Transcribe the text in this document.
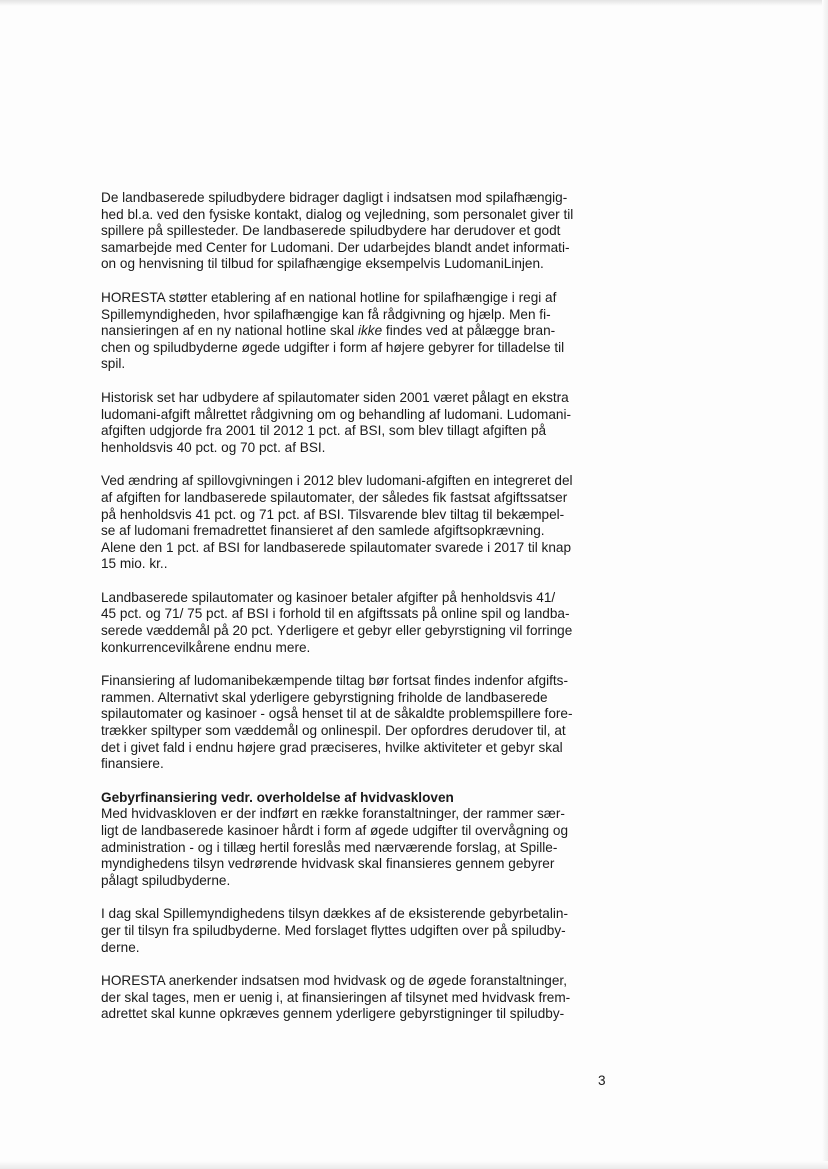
De landbaserede spiludbydere bidrager dagligt i indsatsen mod spilafhængig-
hed bl.a. ved den fysiske kontakt, dialog og vejledning, som personalet giver til
spillere på spillesteder. De landbaserede spiludbydere har derudover et godt
samarbejde med Center for Ludomani. Der udarbejdes blandt andet informati-
on og henvisning til tilbud for spilafhængige eksempelvis LudomaniLinjen.

HORESTA støtter etablering af en national hotline for spilafhængige i regi af
Spillemyndigheden, hvor spilafhængige kan få rådgivning og hjælp. Men fi-
nansieringen af en ny national hotline skal ikke findes ved at pålægge bran-
chen og spiludbyderne øgede udgifter i form af højere gebyrer for tilladelse til
spil.

Historisk set har udbydere af spilautomater siden 2001 været pålagt en ekstra
ludomani-afgift målrettet rådgivning om og behandling af ludomani. Ludomani-
afgiften udgjorde fra 2001 til 2012 1 pct. af BSI, som blev tillagt afgiften på
henholdsvis 40 pct. og 70 pct. af BSI.

Ved ændring af spillovgivningen i 2012 blev ludomani-afgiften en integreret del
af afgiften for landbaserede spilautomater, der således fik fastsat afgiftssatser
på henholdsvis 41 pct. og 71 pct. af BSI. Tilsvarende blev tiltag til bekæmpel-
se af ludomani fremadrettet finansieret af den samlede afgiftsopkrævning.
Alene den 1 pct. af BSI for landbaserede spilautomater svarede i 2017 til knap
15 mio. kr..

Landbaserede spilautomater og kasinoer betaler afgifter på henholdsvis 41/
45 pct. og 71/ 75 pct. af BSI i forhold til en afgiftssats på online spil og landba-
serede væddemål på 20 pct. Yderligere et gebyr eller gebyrstigning vil forringe
konkurrencevilkårene endnu mere.

Finansiering af ludomanibekæmpende tiltag bør fortsat findes indenfor afgifts-
rammen. Alternativt skal yderligere gebyrstigning friholde de landbaserede
spilautomater og kasinoer - også henset til at de såkaldte problemspillere fore-
trækker spiltyper som væddemål og onlinespil. Der opfordres derudover til, at
det i givet fald i endnu højere grad præciseres, hvilke aktiviteter et gebyr skal
finansiere.

Gebyrfinansiering vedr. overholdelse af hvidvaskloven

Med hvidvaskloven er der indført en række foranstaltninger, der rammer sær-
ligt de landbaserede kasinoer hårdt i form af øgede udgifter til overvågning og
administration - og i tillæg hertil foreslås med nærværende forslag, at Spille-
myndighedens tilsyn vedrørende hvidvask skal finansieres gennem gebyrer
pålagt spiludbyderne.

I dag skal Spillemyndighedens tilsyn dækkes af de eksisterende gebyrbetalin-
ger til tilsyn fra spiludbyderne. Med forslaget flyttes udgiften over på spiludby-
derne.

HORESTA anerkender indsatsen mod hvidvask og de øgede foranstaltninger,
der skal tages, men er uenig i, at finansieringen af tilsynet med hvidvask frem-
adrettet skal kunne opkræves gennem yderligere gebyrstigninger til spiludby-

3
